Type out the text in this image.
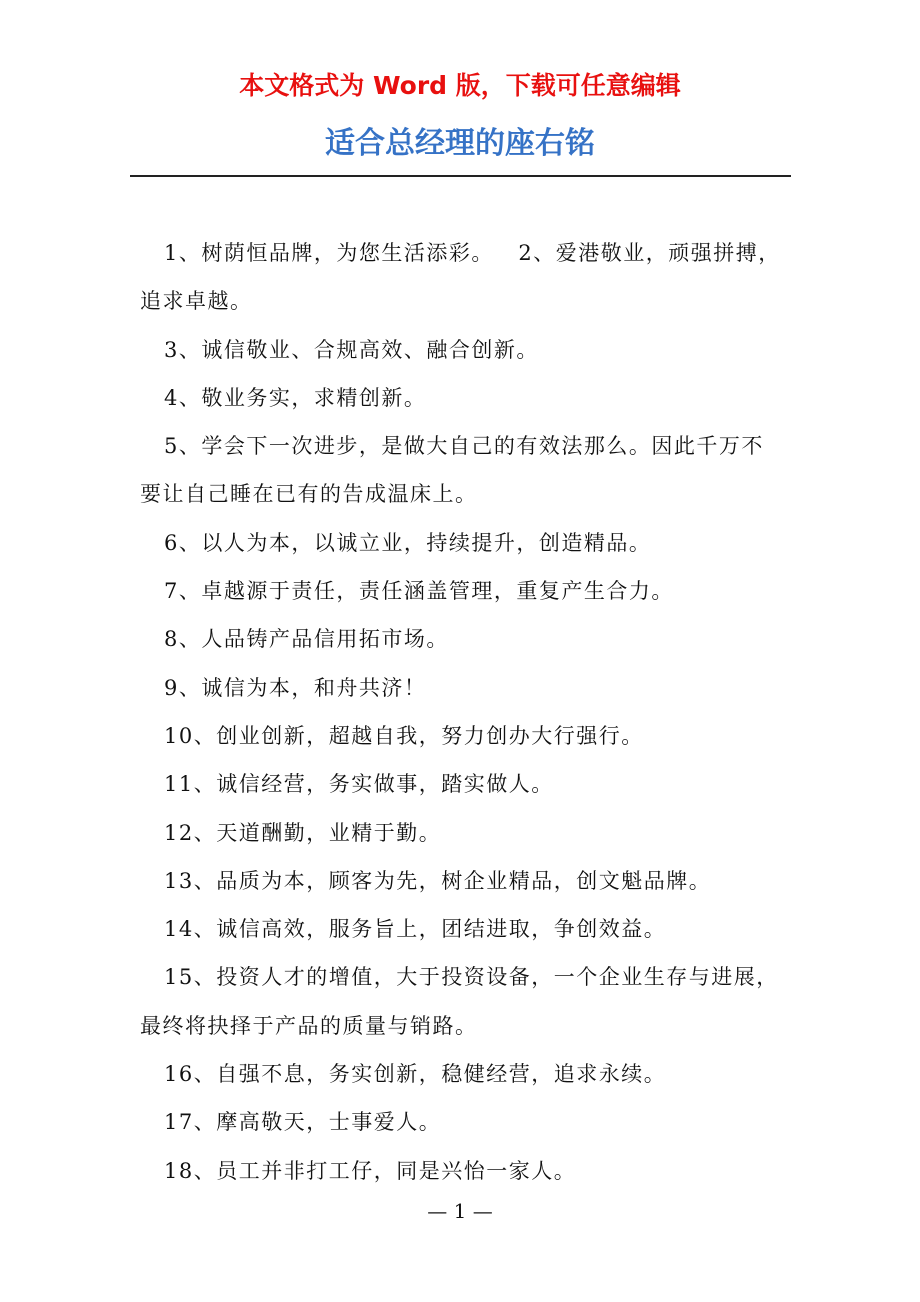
本文格式为 Word 版，下载可任意编辑
适合总经理的座右铭

1、树荫恒品牌，为您生活添彩。   2、爱港敬业，顽强拼搏，追求卓越。

3、诚信敬业、合规高效、融合创新。

4、敬业务实，求精创新。

5、学会下一次进步，是做大自己的有效法那么。因此千万不要让自己睡在已有的告成温床上。

6、以人为本，以诚立业，持续提升，创造精品。

7、卓越源于责任，责任涵盖管理，重复产生合力。

8、人品铸产品信用拓市场。

9、诚信为本，和舟共济！

10、创业创新，超越自我，努力创办大行强行。

11、诚信经营，务实做事，踏实做人。

12、天道酬勤，业精于勤。

13、品质为本，顾客为先，树企业精品，创文魁品牌。

14、诚信高效，服务旨上，团结进取，争创效益。

15、投资人才的增值，大于投资设备，一个企业生存与进展，最终将抉择于产品的质量与销路。

16、自强不息，务实创新，稳健经营，追求永续。

17、摩高敬天，士事爱人。

18、员工并非打工仔，同是兴怡一家人。

— 1 —
